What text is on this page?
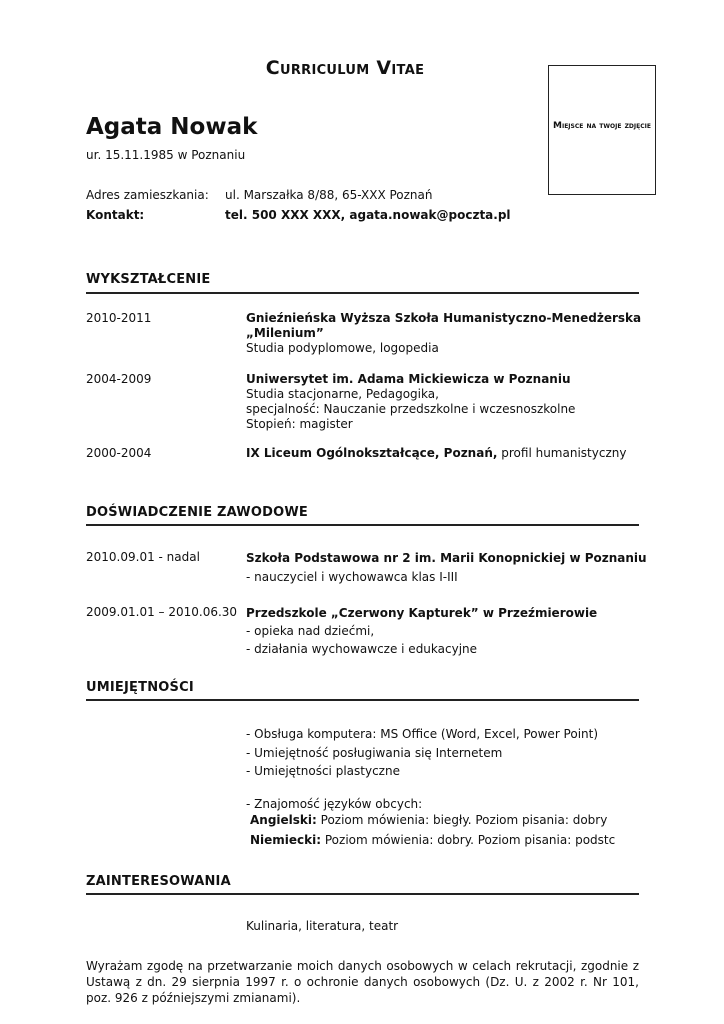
Curriculum Vitae
Miejsce na twoje zdjęcie
Agata Nowak
ur. 15.11.1985 w Poznaniu
Adres zamieszkania: ul. Marszałka 8/88, 65-XXX Poznań
Kontakt:	tel. 500 XXX XXX, agata.nowak@poczta.pl
WYKSZTAŁCENIE
2010-2011	Gnieźnieńska Wyższa Szkoła Humanistyczno-Menedżerska
„Milenium”
Studia podyplomowe, logopedia
2004-2009	Uniwersytet im. Adama Mickiewicza w Poznaniu
Studia stacjonarne, Pedagogika,
specjalność: Nauczanie przedszkolne i wczesnoszkolne
Stopień: magister
2000-2004	IX Liceum Ogólnokształcące, Poznań, profil humanistyczny
DOŚWIADCZENIE ZAWODOWE
2010.09.01 - nadal	Szkoła Podstawowa nr 2 im. Marii Konopnickiej w Poznaniu
- nauczyciel i wychowawca klas I-III
2009.01.01 – 2010.06.30 Przedszkole „Czerwony Kapturek” w Przeźmierowie
- opieka nad dziećmi,
- działania wychowawcze i edukacyjne
UMIEJĘTNOŚCI
- Obsługa komputera: MS Office (Word, Excel, Power Point)
- Umiejętność posługiwania się Internetem
- Umiejętności plastyczne
- Znajomość języków obcych:
Angielski: Poziom mówienia: biegły. Poziom pisania: dobry
Niemiecki: Poziom mówienia: dobry. Poziom pisania: podstc
ZAINTERESOWANIA
Kulinaria, literatura, teatr
Wyrażam zgodę na przetwarzanie moich danych osobowych w celach rekrutacji, zgodnie z Ustawą z dn. 29 sierpnia 1997 r. o ochronie danych osobowych (Dz. U. z 2002 r. Nr 101, poz. 926 z późniejszymi zmianami).
